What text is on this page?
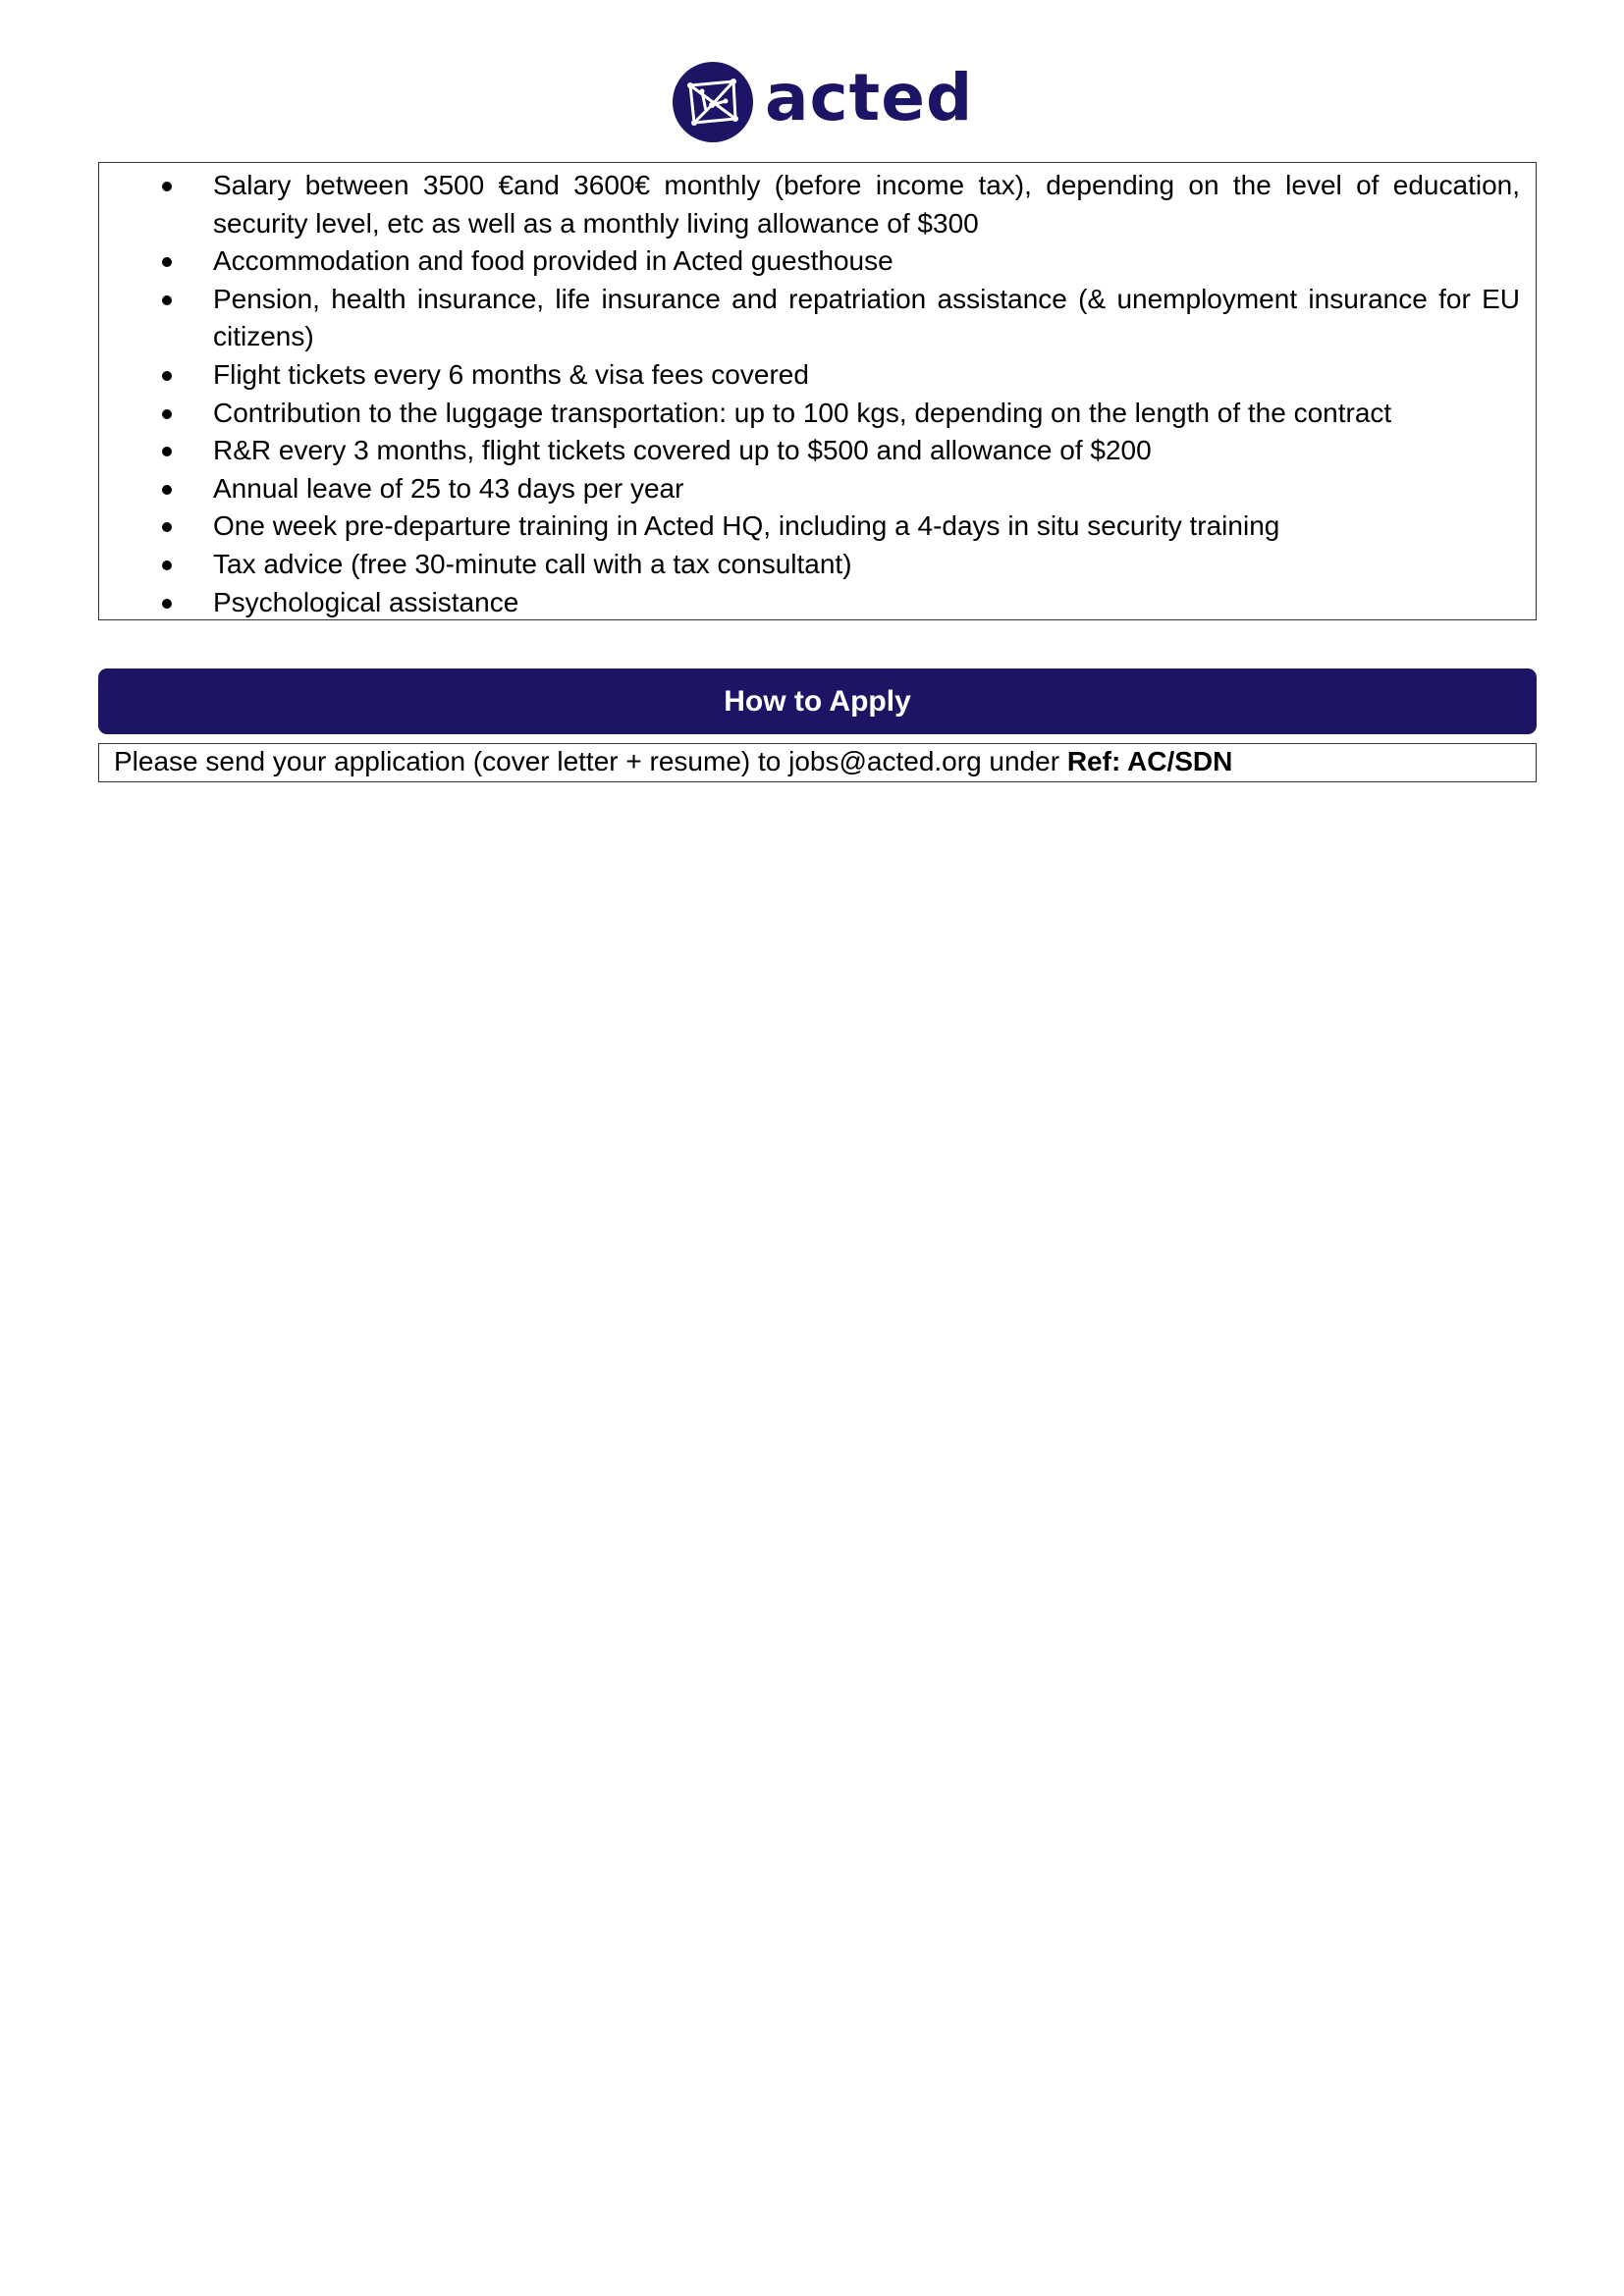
acted
Salary between 3500 €and 3600€ monthly (before income tax), depending on the level of education, security level, etc as well as a monthly living allowance of $300
Accommodation and food provided in Acted guesthouse
Pension, health insurance, life insurance and repatriation assistance (& unemployment insurance for EU citizens)
Flight tickets every 6 months & visa fees covered
Contribution to the luggage transportation: up to 100 kgs, depending on the length of the contract
R&R every 3 months, flight tickets covered up to $500 and allowance of $200
Annual leave of 25 to 43 days per year
One week pre-departure training in Acted HQ, including a 4-days in situ security training
Tax advice (free 30-minute call with a tax consultant)
Psychological assistance
How to Apply
Please send your application (cover letter + resume) to jobs@acted.org under Ref: AC/SDN
